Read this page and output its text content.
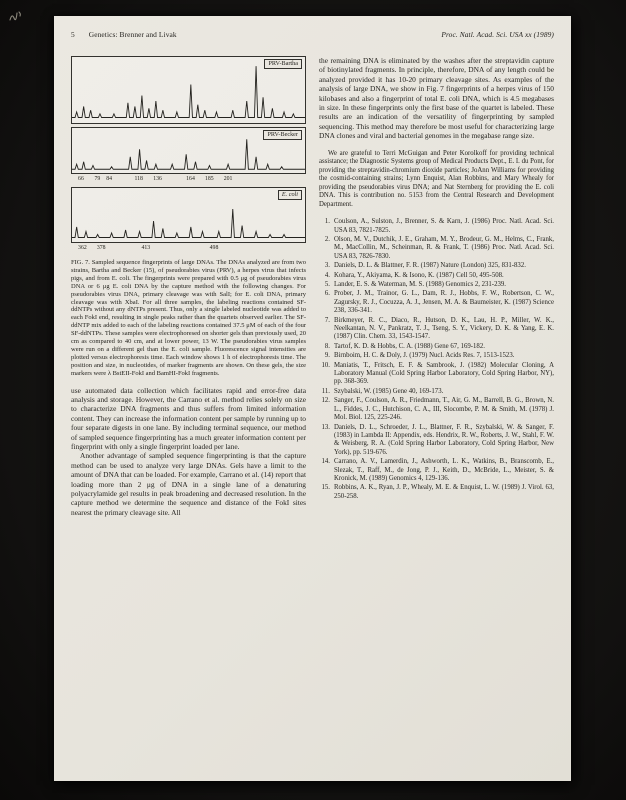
5 Genetics: Brenner and Livak	Proc. Natl. Acad. Sci. USA xx (1989)
PRV-Bartha
PRV-Becker
66 79 84	118 136	164 185 201
E. coli
362 378	413	498
FIG. 7. Sampled sequence fingerprints of large DNAs. The DNAs analyzed are from two strains, Bartha and Becker (15), of pseudorabies virus (PRV), a herpes virus that infects pigs, and from E. coli. The fingerprints were prepared with 0.5 μg of pseudorabies virus DNA or 6 μg E. coli DNA by the capture method with the following changes. For pseudorabies virus DNA, primary cleavage was with SalI; for E. coli DNA, primary cleavage was with XbaI. For all three samples, the labeling reactions contained SF-ddNTPs without any dNTPs present. Thus, only a single labeled nucleotide was added to each FokI end, resulting in single peaks rather than the quartets observed earlier. The SF-ddNTP mix added to each of the labeling reactions contained 37.5 μM of each of the four SF-ddNTPs. These samples were electrophoresed on shorter gels than previously used, 20 cm as compared to 40 cm, and at lower power, 13 W. The pseudorabies virus samples were run on a different gel than the E. coli sample. Fluorescence signal intensities are plotted versus electrophoresis time. Each window shows 1 h of electrophoresis time. The position and size, in nucleotides, of marker fragments are shown. On these gels, the size markers were λ BstEII-FokI and BamHI-FokI fragments.

use automated data collection which facilitates rapid and error-free data analysis and storage. However, the Carrano et al. method relies solely on size to characterize DNA fragments and thus suffers from limited information content. They can increase the information content per sample by running up to four separate digests in one lane. By including terminal sequence, our method of sampled sequence fingerprinting has a much greater information content per fingerprint with only a single fingerprint loaded per lane.

Another advantage of sampled sequence fingerprinting is that the capture method can be used to analyze very large DNAs. Gels have a limit to the amount of DNA that can be loaded. For example, Carrano et al. (14) report that loading more than 2 μg of DNA in a single lane of a denaturing polyacrylamide gel results in peak broadening and decreased resolution. In the capture method we determine the sequence and distance of the FokI sites nearest the primary cleavage site. All

the remaining DNA is eliminated by the washes after the streptavidin capture of biotinylated fragments. In principle, therefore, DNA of any length could be analyzed provided it has 10-20 primary cleavage sites. As examples of the analysis of large DNA, we show in Fig. 7 fingerprints of a herpes virus of 150 kilobases and also a fingerprint of total E. coli DNA, which is 4.5 megabases in size. In these fingerprints only the first base of the quartet is labeled. These results are an indication of the versatility of fingerprinting by sampled sequencing. This method may therefore be most useful for characterizing large DNA clones and viral and bacterial genomes in the megabase range size.

We are grateful to Terri McGuigan and Peter Korolkoff for providing technical assistance; the Diagnostic Systems group of Medical Products Dept., E. I. du Pont, for providing the streptavidin-chromium dioxide particles; JoAnn Williams for providing the cosmid-containing strains; Lynn Enquist, Alan Robbins, and Mary Whealy for providing the pseudorabies virus DNA; and Nat Sternberg for providing the E. coli DNA. This is contribution no. 5153 from the Central Research and Development Department.

1. Coulson, A., Sulston, J., Brenner, S. & Karn, J. (1986) Proc. Natl. Acad. Sci. USA 83, 7821-7825.
2. Olson, M. V., Dutchik, J. E., Graham, M. Y., Brodeur, G. M., Helms, C., Frank, M., MacCollin, M., Scheinman, R. & Frank, T. (1986) Proc. Natl. Acad. Sci. USA 83, 7826-7830.
3. Daniels, D. L. & Blattner, F. R. (1987) Nature (London) 325, 831-832.
4. Kohara, Y., Akiyama, K. & Isono, K. (1987) Cell 50, 495-508.
5. Lander, E. S. & Waterman, M. S. (1988) Genomics 2, 231-239.
6. Prober, J. M., Trainor, G. L., Dam, R. J., Hobbs, F. W., Robertson, C. W., Zagursky, R. J., Cocuzza, A. J., Jensen, M. A. & Baumeister, K. (1987) Science 238, 336-341.
7. Birkmeyer, R. C., Diaco, R., Hutson, D. K., Lau, H. P., Miller, W. K., Neelkantan, N. V., Pankratz, T. J., Tseng, S. Y., Vickery, D. K. & Yang, E. K. (1987) Clin. Chem. 33, 1543-1547.
8. Tartof, K. D. & Hobbs, C. A. (1988) Gene 67, 169-182.
9. Birnboim, H. C. & Doly, J. (1979) Nucl. Acids Res. 7, 1513-1523.
10. Maniatis, T., Fritsch, E. F. & Sambrook, J. (1982) Molecular Cloning, A Laboratory Manual (Cold Spring Harbor Laboratory, Cold Spring Harbor, NY), pp. 368-369.
11. Szybalski, W. (1985) Gene 40, 169-173.
12. Sanger, F., Coulson, A. R., Friedmann, T., Air, G. M., Barrell, B. G., Brown, N. L., Fiddes, J. C., Hutchison, C. A., III, Slocombe, P. M. & Smith, M. (1978) J. Mol. Biol. 125, 225-246.
13. Daniels, D. L., Schroeder, J. L., Blattner, F. R., Szybalski, W. & Sanger, F. (1983) in Lambda II: Appendix, eds. Hendrix, R. W., Roberts, J. W., Stahl, F. W. & Weisberg, R. A. (Cold Spring Harbor Laboratory, Cold Spring Harbor, New York), pp. 519-676.
14. Carrano, A. V., Lamerdin, J., Ashworth, L. K., Watkins, B., Branscomb, E., Slezak, T., Raff, M., de Jong, P. J., Keith, D., McBride, L., Meister, S. & Kronick, M. (1989) Genomics 4, 129-136.
15. Robbins, A. K., Ryan, J. P., Whealy, M. E. & Enquist, L. W. (1989) J. Virol. 63, 250-258.
